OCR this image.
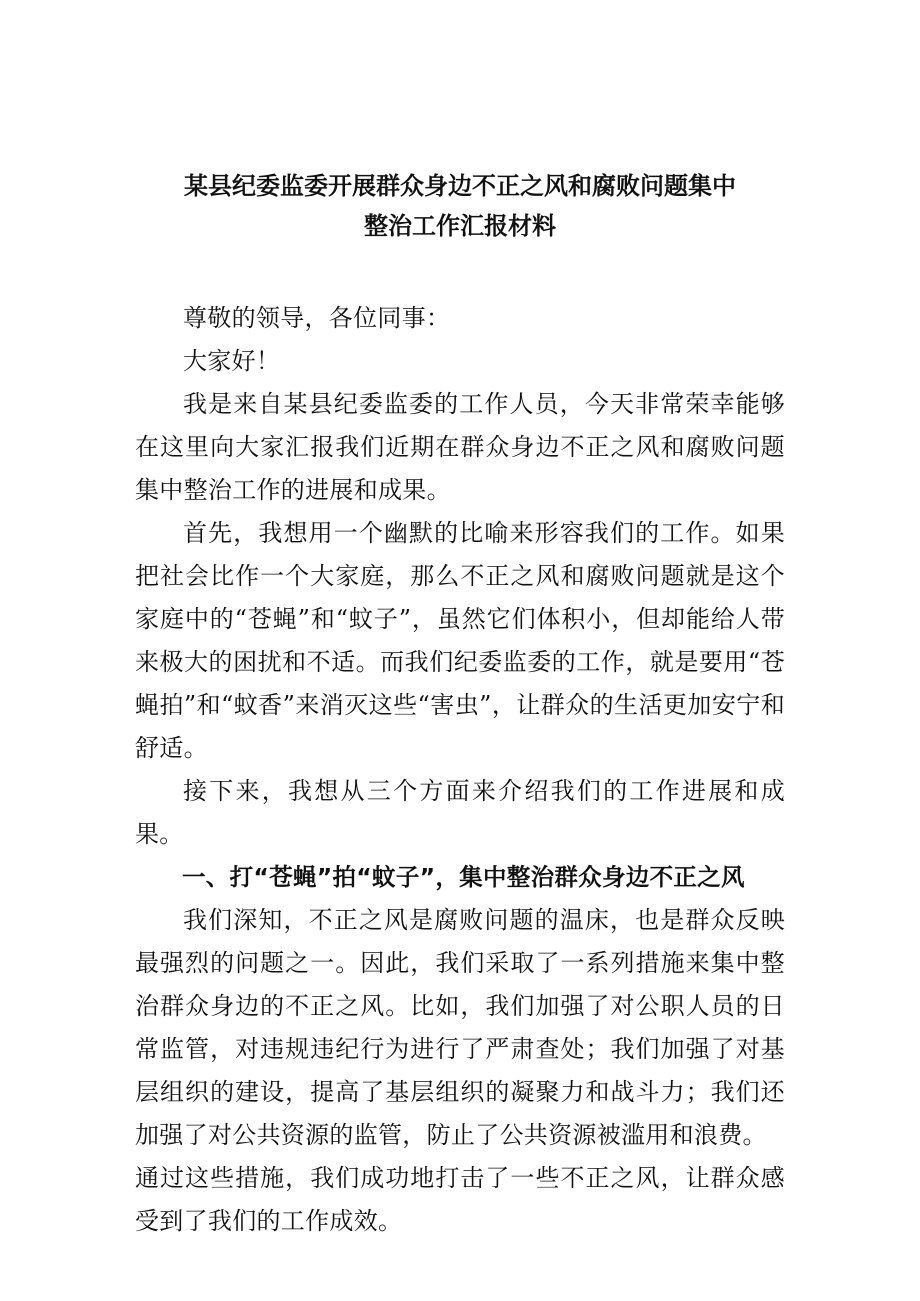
某县纪委监委开展群众身边不正之风和腐败问题集中
整治工作汇报材料

尊敬的领导，各位同事：

大家好！

我是来自某县纪委监委的工作人员，今天非常荣幸能够在这里向大家汇报我们近期在群众身边不正之风和腐败问题集中整治工作的进展和成果。

首先，我想用一个幽默的比喻来形容我们的工作。如果把社会比作一个大家庭，那么不正之风和腐败问题就是这个家庭中的“苍蝇”和“蚊子”，虽然它们体积小，但却能给人带来极大的困扰和不适。而我们纪委监委的工作，就是要用“苍蝇拍”和“蚊香”来消灭这些“害虫”，让群众的生活更加安宁和舒适。

接下来，我想从三个方面来介绍我们的工作进展和成果。

一、打“苍蝇”拍“蚊子”，集中整治群众身边不正之风

我们深知，不正之风是腐败问题的温床，也是群众反映最强烈的问题之一。因此，我们采取了一系列措施来集中整治群众身边的不正之风。比如，我们加强了对公职人员的日常监管，对违规违纪行为进行了严肃查处；我们加强了对基层组织的建设，提高了基层组织的凝聚力和战斗力；我们还加强了对公共资源的监管，防止了公共资源被滥用和浪费。

通过这些措施，我们成功地打击了一些不正之风，让群众感受到了我们的工作成效。
